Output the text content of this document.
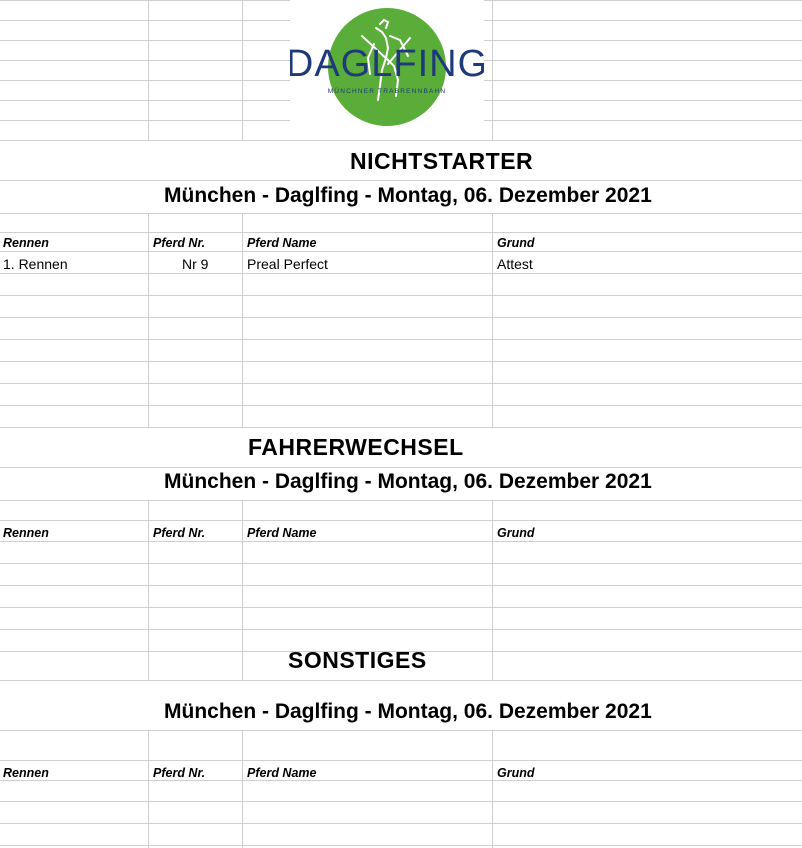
DAGLFING
MÜNCHNER TRABRENNBAHN
NICHTSTARTER
München - Daglfing - Montag, 06. Dezember 2021
Rennen	Pferd Nr.	Pferd Name	Grund
1. Rennen	Nr 9	Preal Perfect	Attest
FAHRERWECHSEL
München - Daglfing - Montag, 06. Dezember 2021
Rennen	Pferd Nr.	Pferd Name	Grund
SONSTIGES
München - Daglfing - Montag, 06. Dezember 2021
Rennen	Pferd Nr.	Pferd Name	Grund
